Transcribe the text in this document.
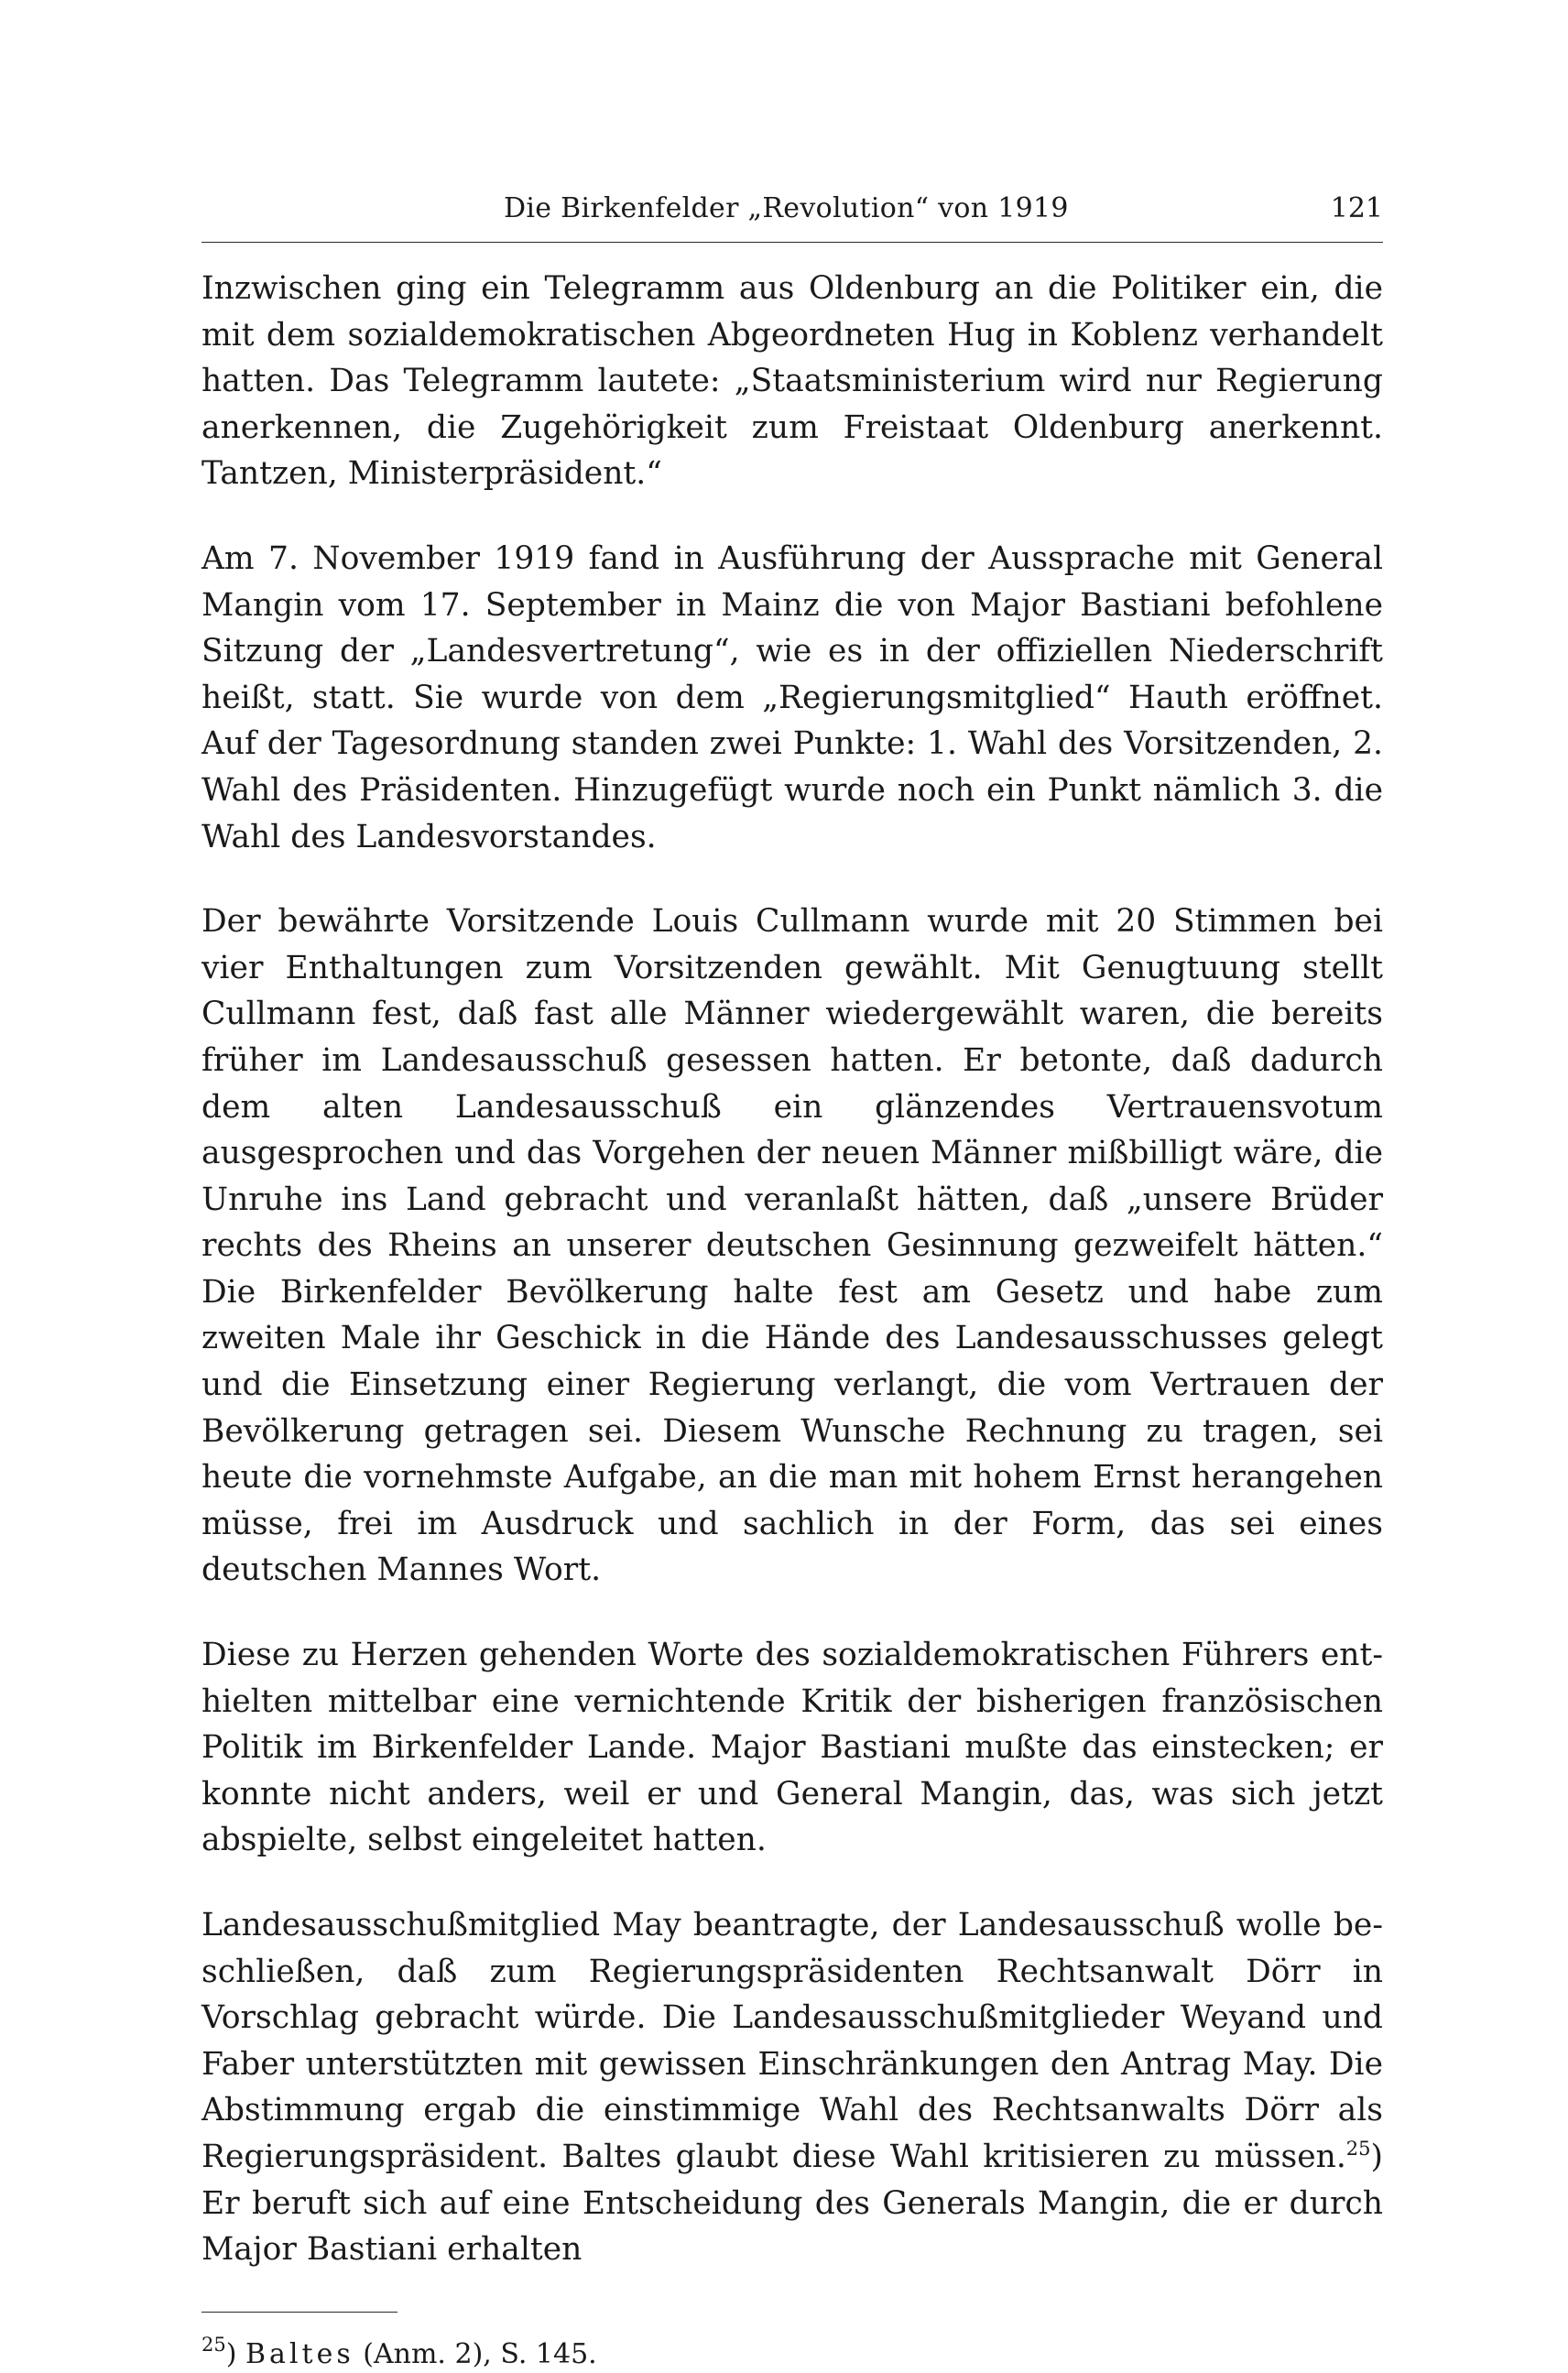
Die Birkenfelder „Revolution“ von 1919	121

Inzwischen ging ein Telegramm aus Oldenburg an die Politiker ein, die mit dem sozialdemokratischen Abgeordneten Hug in Koblenz verhandelt hatten. Das Telegramm lautete: „Staatsministerium wird nur Regierung anerkennen, die Zugehörigkeit zum Freistaat Oldenburg anerkennt. Tantzen, Ministerpräsident.“

Am 7. November 1919 fand in Ausführung der Aussprache mit General Mangin vom 17. September in Mainz die von Major Bastiani befohlene Sitzung der „Landesvertretung“, wie es in der offiziellen Niederschrift heißt, statt. Sie wurde von dem „Regierungsmitglied“ Hauth eröffnet. Auf der Tagesordnung standen zwei Punkte: 1. Wahl des Vorsitzenden, 2. Wahl des Präsidenten. Hinzugefügt wurde noch ein Punkt nämlich 3. die Wahl des Landesvorstandes.

Der bewährte Vorsitzende Louis Cullmann wurde mit 20 Stimmen bei vier Enthaltungen zum Vorsitzenden gewählt. Mit Genugtuung stellt Cullmann fest, daß fast alle Männer wiedergewählt waren, die bereits früher im Landesausschuß gesessen hatten. Er betonte, daß dadurch dem alten Landesausschuß ein glänzendes Vertrauensvotum ausgesprochen und das Vorgehen der neuen Männer mißbilligt wäre, die Unruhe ins Land gebracht und veranlaßt hätten, daß „unsere Brüder rechts des Rheins an unserer deutschen Gesinnung gezweifelt hätten.“ Die Birkenfelder Bevölkerung halte fest am Gesetz und habe zum zweiten Male ihr Geschick in die Hände des Landesausschusses gelegt und die Einsetzung einer Regierung verlangt, die vom Vertrauen der Bevölkerung getragen sei. Diesem Wunsche Rechnung zu tragen, sei heute die vornehmste Aufgabe, an die man mit hohem Ernst herangehen müsse, frei im Ausdruck und sachlich in der Form, das sei eines deutschen Mannes Wort.

Diese zu Herzen gehenden Worte des sozialdemokratischen Führers enthielten mittelbar eine vernichtende Kritik der bisherigen französischen Politik im Birkenfelder Lande. Major Bastiani mußte das einstecken; er konnte nicht anders, weil er und General Mangin, das, was sich jetzt abspielte, selbst eingeleitet hatten.

Landesausschußmitglied May beantragte, der Landesausschuß wolle beschließen, daß zum Regierungspräsidenten Rechtsanwalt Dörr in Vorschlag gebracht würde. Die Landesausschußmitglieder Weyand und Faber unterstützten mit gewissen Einschränkungen den Antrag May. Die Abstimmung ergab die einstimmige Wahl des Rechtsanwalts Dörr als Regierungspräsident. Baltes glaubt diese Wahl kritisieren zu müssen.$^{25}$) Er beruft sich auf eine Entscheidung des Generals Mangin, die er durch Major Bastiani erhalten

$^{25}$) Baltes (Anm. 2), S. 145.
